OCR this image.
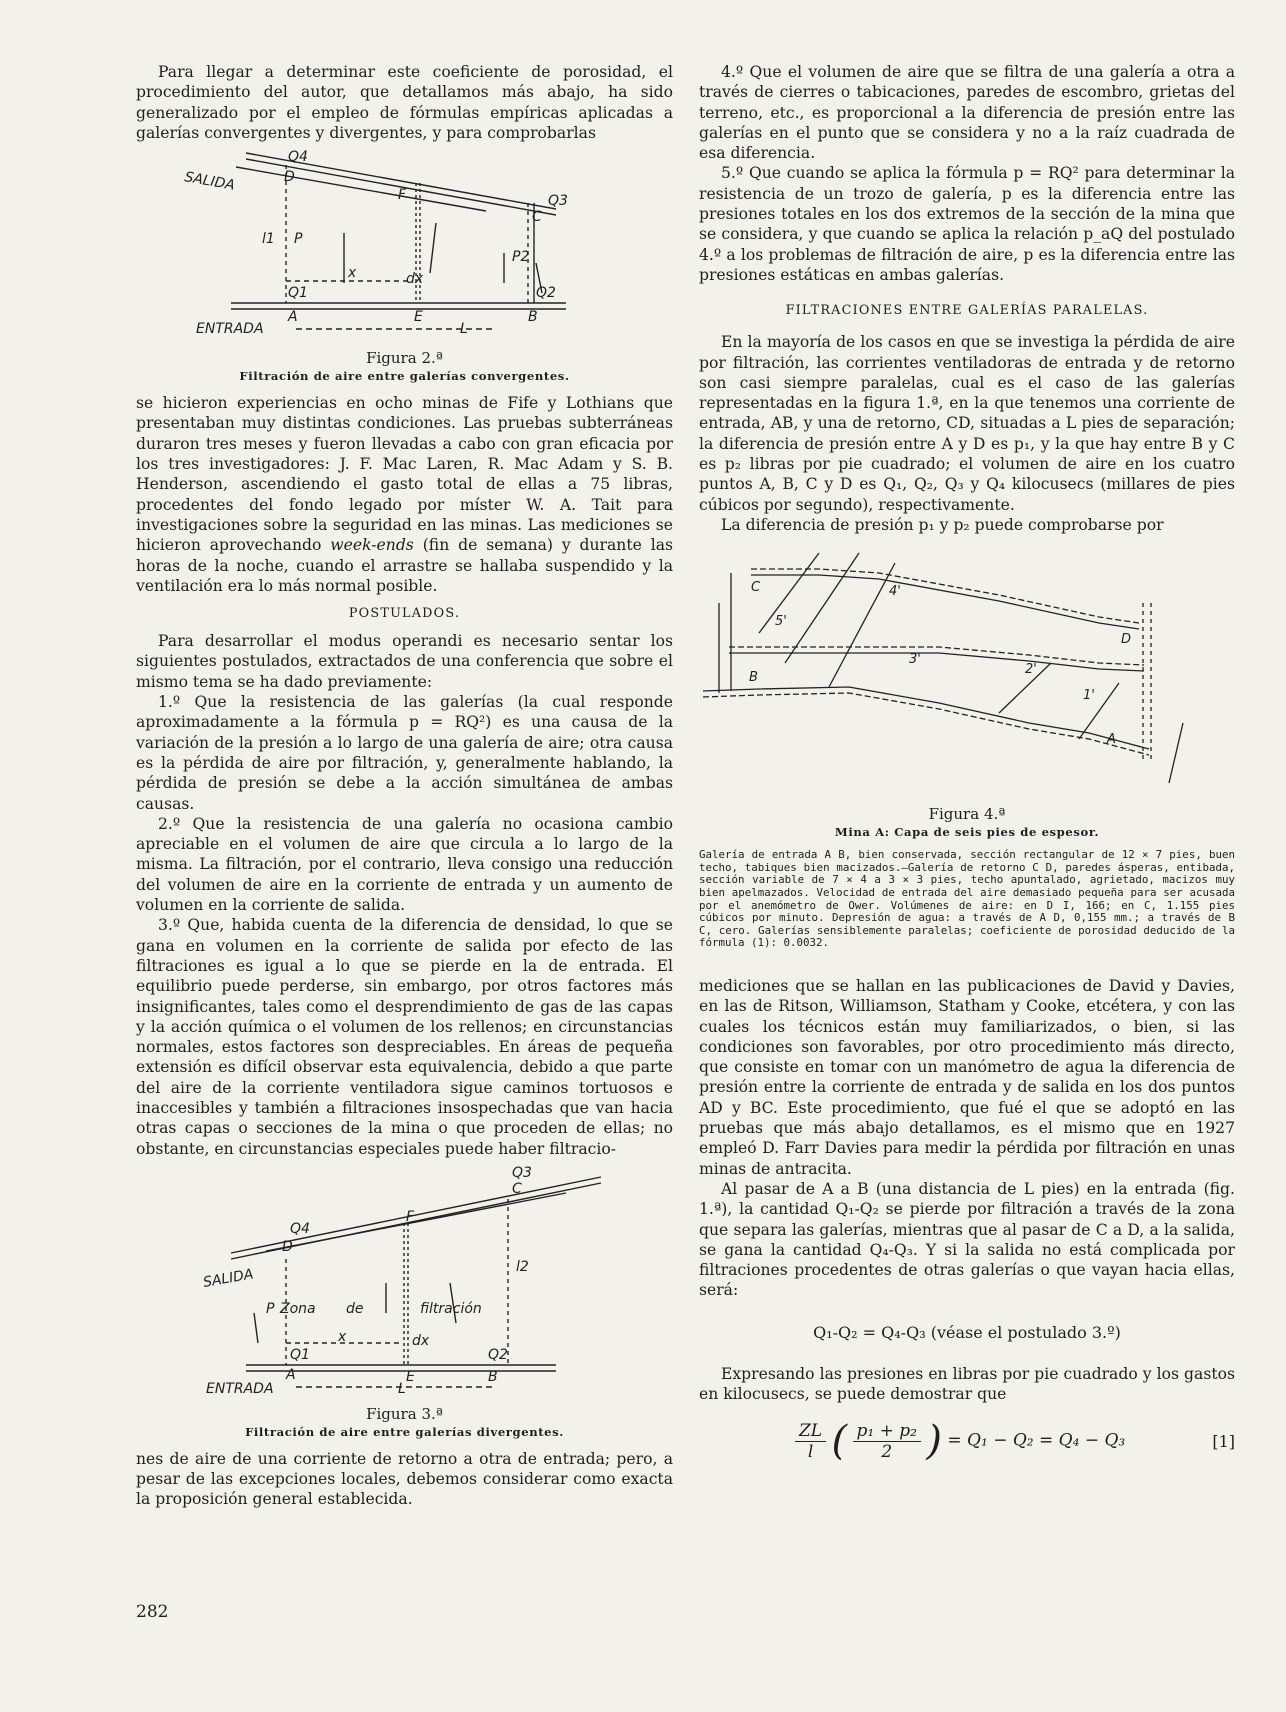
Para llegar a determinar este coeficiente de porosidad, el procedimiento del autor, que detallamos más abajo, ha sido generalizado por el empleo de fórmulas empíricas aplicadas a galerías convergentes y divergentes, y para comprobarlas

SALIDA
Q4
D
F	Q3
C
l1 P
P2
x	dx
Q1	Q2
A	E	B
ENTRADA	L
Figura 2.ª
Filtración de aire entre galerías convergentes.

se hicieron experiencias en ocho minas de Fife y Lothians que presentaban muy distintas condiciones. Las pruebas subterráneas duraron tres meses y fueron llevadas a cabo con gran eficacia por los tres investigadores: J. F. Mac Laren, R. Mac Adam y S. B. Henderson, ascendiendo el gasto total de ellas a 75 libras, procedentes del fondo legado por míster W. A. Tait para investigaciones sobre la seguridad en las minas. Las mediciones se hicieron aprovechando week-ends (fin de semana) y durante las horas de la noche, cuando el arrastre se hallaba suspendido y la ventilación era lo más normal posible.

POSTULADOS.

Para desarrollar el modus operandi es necesario sentar los siguientes postulados, extractados de una conferencia que sobre el mismo tema se ha dado previamente:

1.º Que la resistencia de las galerías (la cual responde aproximadamente a la fórmula p = RQ²) es una causa de la variación de la presión a lo largo de una galería de aire; otra causa es la pérdida de aire por filtración, y, generalmente hablando, la pérdida de presión se debe a la acción simultánea de ambas causas.

2.º Que la resistencia de una galería no ocasiona cambio apreciable en el volumen de aire que circula a lo largo de la misma. La filtración, por el contrario, lleva consigo una reducción del volumen de aire en la corriente de entrada y un aumento de volumen en la corriente de salida.

3.º Que, habida cuenta de la diferencia de densidad, lo que se gana en volumen en la corriente de salida por efecto de las filtraciones es igual a lo que se pierde en la de entrada. El equilibrio puede perderse, sin embargo, por otros factores más insignificantes, tales como el desprendimiento de gas de las capas y la acción química o el volumen de los rellenos; en circunstancias normales, estos factores son despreciables. En áreas de pequeña extensión es difícil observar esta equivalencia, debido a que parte del aire de la corriente ventiladora sigue caminos tortuosos e inaccesibles y también a filtraciones insospechadas que van hacia otras capas o secciones de la mina o que proceden de ellas; no obstante, en circunstancias especiales puede haber filtracio-

Q3
C
F
Q4
D
l2
SALIDA
P Zona de	filtración
x	dx
Q1	Q2
A	E	B
ENTRADA	L
Figura 3.ª
Filtración de aire entre galerías divergentes.

nes de aire de una corriente de retorno a otra de entrada; pero, a pesar de las excepciones locales, debemos considerar como exacta la proposición general establecida.

4.º Que el volumen de aire que se filtra de una galería a otra a través de cierres o tabicaciones, paredes de escombro, grietas del terreno, etc., es proporcional a la diferencia de presión entre las galerías en el punto que se considera y no a la raíz cuadrada de esa diferencia.

5.º Que cuando se aplica la fórmula p = RQ² para determinar la resistencia de un trozo de galería, p es la diferencia entre las presiones totales en los dos extremos de la sección de la mina que se considera, y que cuando se aplica la relación p_aQ del postulado 4.º a los problemas de filtración de aire, p es la diferencia entre las presiones estáticas en ambas galerías.

FILTRACIONES ENTRE GALERÍAS PARALELAS.

En la mayoría de los casos en que se investiga la pérdida de aire por filtración, las corrientes ventiladoras de entrada y de retorno son casi siempre paralelas, cual es el caso de las galerías representadas en la figura 1.ª, en la que tenemos una corriente de entrada, AB, y una de retorno, CD, situadas a L pies de separación; la diferencia de presión entre A y D es p₁, y la que hay entre B y C es p₂ libras por pie cuadrado; el volumen de aire en los cuatro puntos A, B, C y D es Q₁, Q₂, Q₃ y Q₄ kilocusecs (millares de pies cúbicos por segundo), respectivamente.

La diferencia de presión p₁ y p₂ puede comprobarse por

C
D
B
A
5'
4'
3'
2'
1'
Figura 4.ª
Mina A: Capa de seis pies de espesor.
Galería de entrada A B, bien conservada, sección rectangular de 12 × 7 pies, buen techo, tabiques bien macizados.—Galería de retorno C D, paredes ásperas, entibada, sección variable de 7 × 4 a 3 × 3 pies, techo apuntalado, agrietado, macizos muy bien apelmazados. Velocidad de entrada del aire demasiado pequeña para ser acusada por el anemómetro de Ower. Volúmenes de aire: en D I, 166; en C, 1.155 pies cúbicos por minuto. Depresión de agua: a través de A D, 0,155 mm.; a través de B C, cero. Galerías sensiblemente paralelas; coeficiente de porosidad deducido de la fórmula (1): 0.0032.

mediciones que se hallan en las publicaciones de David y Davies, en las de Ritson, Williamson, Statham y Cooke, etcétera, y con las cuales los técnicos están muy familiarizados, o bien, si las condiciones son favorables, por otro procedimiento más directo, que consiste en tomar con un manómetro de agua la diferencia de presión entre la corriente de entrada y de salida en los dos puntos AD y BC. Este procedimiento, que fué el que se adoptó en las pruebas que más abajo detallamos, es el mismo que en 1927 empleó D. Farr Davies para medir la pérdida por filtración en unas minas de antracita.

Al pasar de A a B (una distancia de L pies) en la entrada (fig. 1.ª), la cantidad Q₁-Q₂ se pierde por filtración a través de la zona que separa las galerías, mientras que al pasar de C a D, a la salida, se gana la cantidad Q₄-Q₃. Y si la salida no está complicada por filtraciones procedentes de otras galerías o que vayan hacia ellas, será:

Q₁-Q₂ = Q₄-Q₃ (véase el postulado 3.º)

Expresando las presiones en libras por pie cuadrado y los gastos en kilocusecs, se puede demostrar que

$\frac{ZL}{l}$ ( $\frac{\text{p₁ + p₂}}{2}$ ) = Q₁ − Q₂ = Q₄ − Q₃	[1]
282
